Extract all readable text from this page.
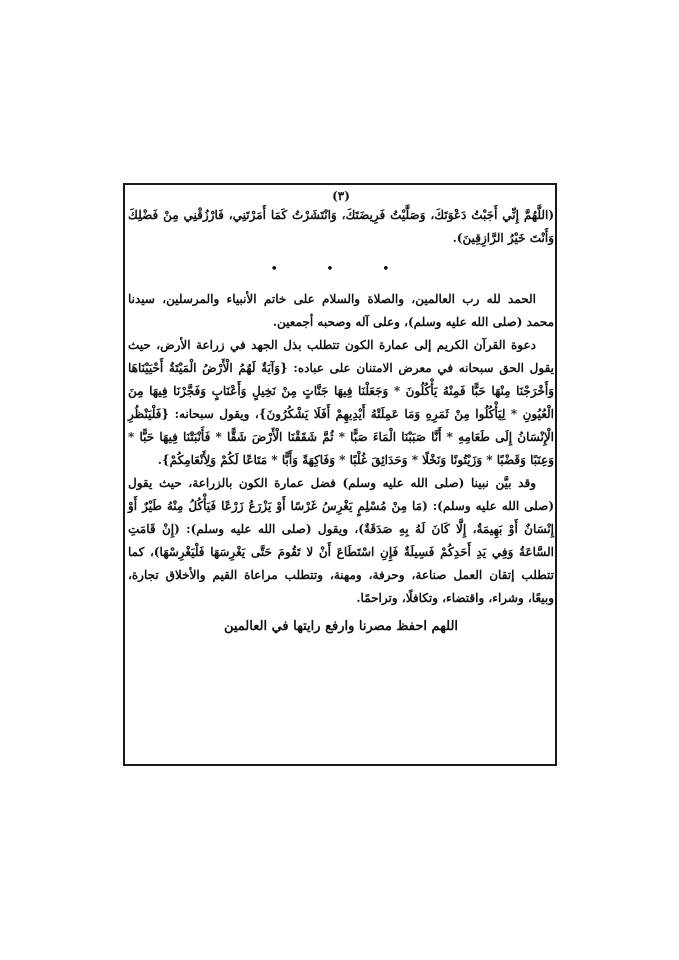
(٣)

(اللَّهُمَّ إِنِّي أَجَبْتُ دَعْوَتَكَ، وَصَلَّيْتُ فَرِيضَتَكَ، وَانْتَشَرْتُ كَمَا أَمَرْتَنِي، فَارْزُقْنِي مِنْ فَضْلِكَ وَأَنْتَ خَيْرُ الرَّازِقِينَ).

• • •

الحمد لله رب العالمين، والصلاة والسلام على خاتم الأنبياء والمرسلين، سيدنا محمد (صلى الله عليه وسلم)، وعلى آله وصحبه أجمعين.

دعوة القرآن الكريم إلى عمارة الكون تتطلب بذل الجهد في زراعة الأرض، حيث يقول الحق سبحانه في معرض الامتنان على عباده: {وَآيَةٌ لَهُمُ الْأَرْضُ الْمَيْتَةُ أَحْيَيْنَاهَا وَأَخْرَجْنَا مِنْهَا حَبًّا فَمِنْهُ يَأْكُلُونَ * وَجَعَلْنَا فِيهَا جَنَّاتٍ مِنْ نَخِيلٍ وَأَعْنَابٍ وَفَجَّرْنَا فِيهَا مِنَ الْعُيُونِ * لِيَأْكُلُوا مِنْ ثَمَرِهِ وَمَا عَمِلَتْهُ أَيْدِيهِمْ أَفَلَا يَشْكُرُونَ}، ويقول سبحانه: {فَلْيَنْظُرِ الْإِنْسَانُ إِلَى طَعَامِهِ * أَنَّا صَبَبْنَا الْمَاءَ صَبًّا * ثُمَّ شَقَقْنَا الْأَرْضَ شَقًّا * فَأَنْبَتْنَا فِيهَا حَبًّا * وَعِنَبًا وَقَضْبًا * وَزَيْتُونًا وَنَخْلًا * وَحَدَائِقَ غُلْبًا * وَفَاكِهَةً وَأَبًّا * مَتَاعًا لَكُمْ وَلِأَنْعَامِكُمْ}.

وقد بيَّن نبينا (صلى الله عليه وسلم) فضل عمارة الكون بالزراعة، حيث يقول (صلى الله عليه وسلم): (مَا مِنْ مُسْلِمٍ يَغْرِسُ غَرْسًا أَوْ يَزْرَعُ زَرْعًا فَيَأْكُلُ مِنْهُ طَيْرٌ أَوْ إِنْسَانٌ أَوْ بَهِيمَةٌ، إِلَّا كَانَ لَهُ بِهِ صَدَقَةٌ)، ويقول (صلى الله عليه وسلم): (إِنْ قَامَتِ السَّاعَةُ وَفِي يَدِ أَحَدِكُمْ فَسِيلَةٌ فَإِنِ اسْتَطَاعَ أَنْ لا تَقُومَ حَتَّى يَغْرِسَهَا فَلْيَغْرِسْهَا)، كما تتطلب إتقان العمل صناعة، وحرفة، ومهنة، وتتطلب مراعاة القيم والأخلاق تجارة، وبيعًا، وشراء، واقتضاء، وتكافلًا، وتراحمًا.

اللهم احفظ مصرنا وارفع رايتها في العالمين
